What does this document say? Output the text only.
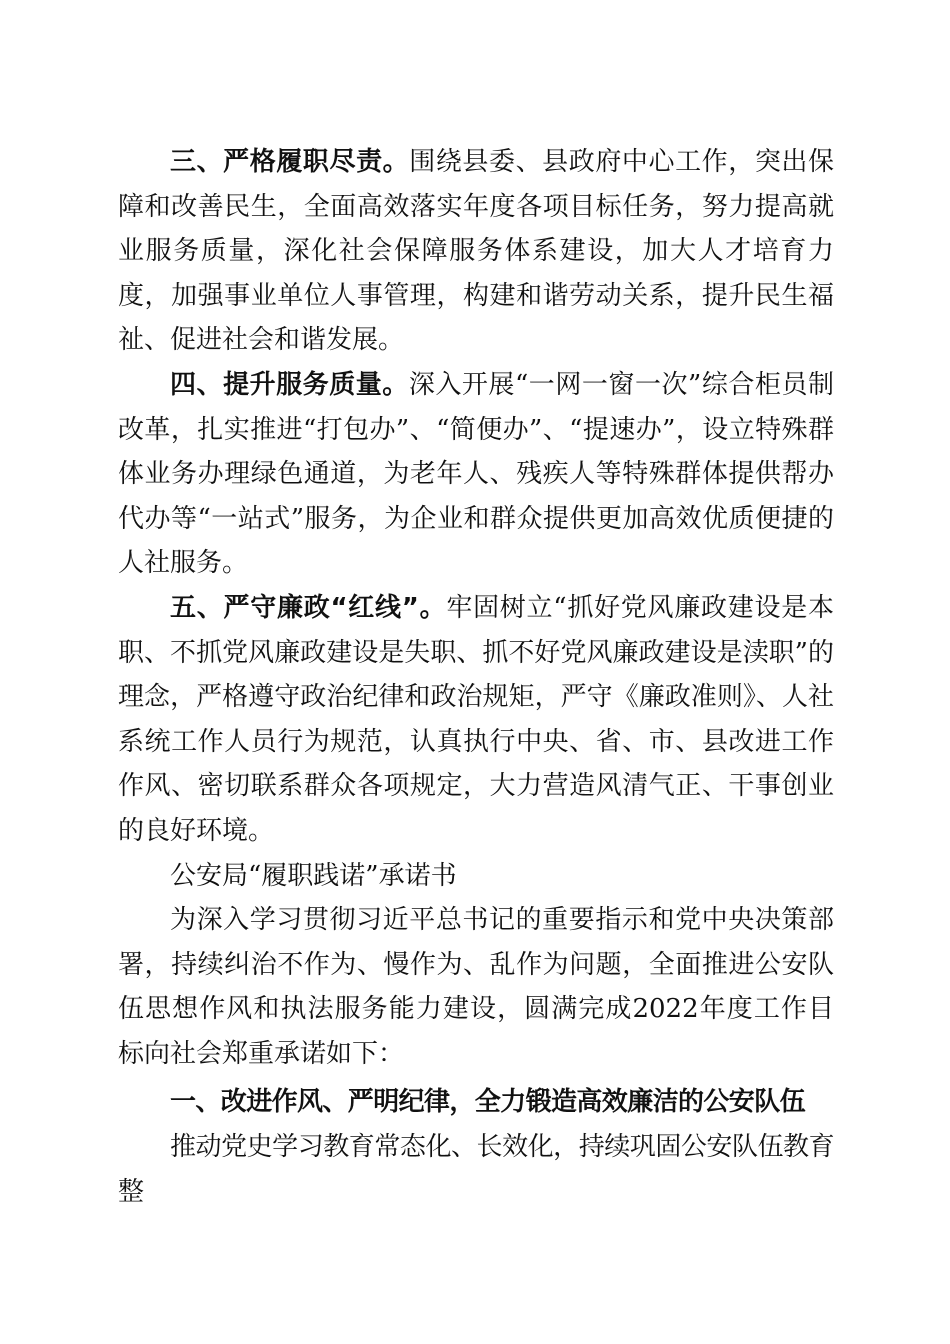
三、严格履职尽责。围绕县委、县政府中心工作，突出保障和改善民生，全面高效落实年度各项目标任务，努力提高就业服务质量，深化社会保障服务体系建设，加大人才培育力度，加强事业单位人事管理，构建和谐劳动关系，提升民生福祉、促进社会和谐发展。

四、提升服务质量。深入开展“一网一窗一次”综合柜员制改革，扎实推进“打包办”、“简便办”、“提速办”，设立特殊群体业务办理绿色通道，为老年人、残疾人等特殊群体提供帮办代办等“一站式”服务，为企业和群众提供更加高效优质便捷的人社服务。

五、严守廉政“红线”。牢固树立“抓好党风廉政建设是本职、不抓党风廉政建设是失职、抓不好党风廉政建设是渎职”的理念，严格遵守政治纪律和政治规矩，严守《廉政准则》、人社系统工作人员行为规范，认真执行中央、省、市、县改进工作作风、密切联系群众各项规定，大力营造风清气正、干事创业的良好环境。

公安局“履职践诺”承诺书

为深入学习贯彻习近平总书记的重要指示和党中央决策部署，持续纠治不作为、慢作为、乱作为问题，全面推进公安队伍思想作风和执法服务能力建设，圆满完成2022年度工作目标向社会郑重承诺如下：

一、改进作风、严明纪律，全力锻造高效廉洁的公安队伍

推动党史学习教育常态化、长效化，持续巩固公安队伍教育整
